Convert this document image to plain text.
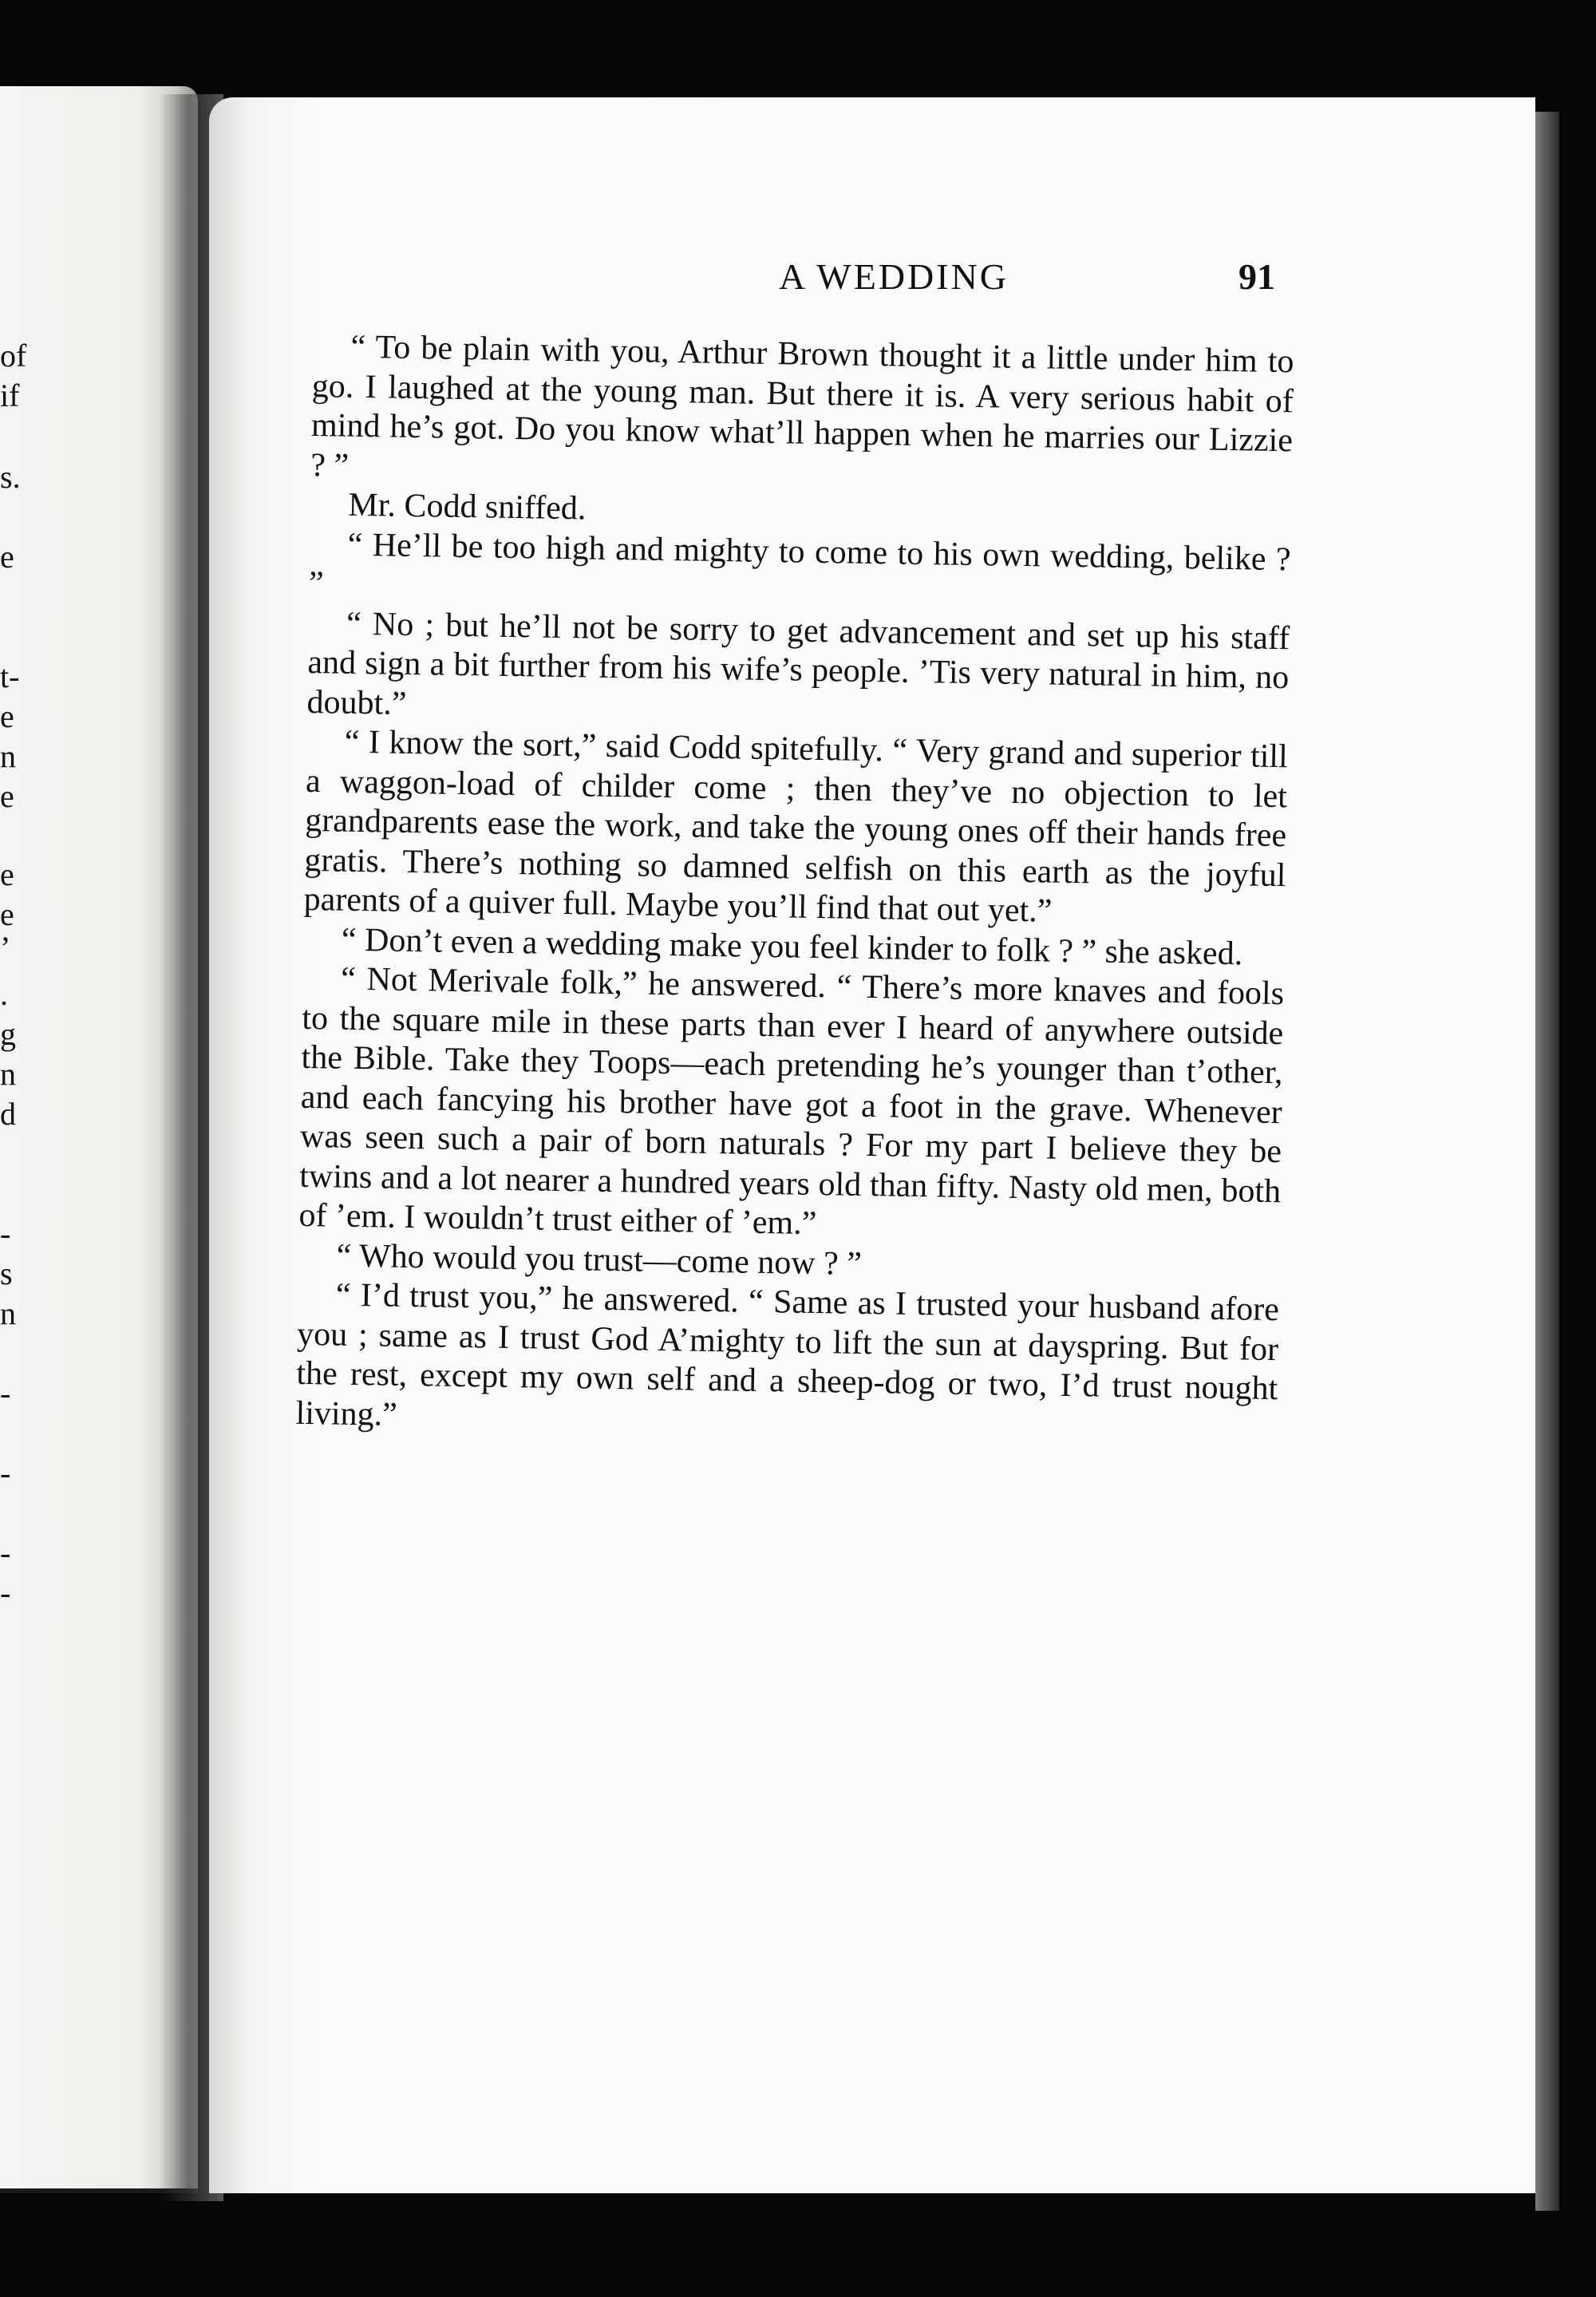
of
if
s.
e
t-
e
n
e
e
e
’
.
g
n
d
-
s
n
-
-
-
-
A WEDDING	91

“ To be plain with you, Arthur Brown thought it a little under him to go. I laughed at the young man. But there it is. A very serious habit of mind he’s got. Do you know what’ll happen when he marries our Lizzie ? ”

Mr. Codd sniffed.

“ He’ll be too high and mighty to come to his own wedding, belike ? ”

“ No ; but he’ll not be sorry to get advancement and set up his staff and sign a bit further from his wife’s people. ’Tis very natural in him, no doubt.”

“ I know the sort,” said Codd spitefully. “ Very grand and superior till a waggon-load of childer come ; then they’ve no objection to let grandparents ease the work, and take the young ones off their hands free gratis. There’s nothing so damned selfish on this earth as the joyful parents of a quiver full. Maybe you’ll find that out yet.”

“ Don’t even a wedding make you feel kinder to folk ? ” she asked.

“ Not Merivale folk,” he answered. “ There’s more knaves and fools to the square mile in these parts than ever I heard of anywhere outside the Bible. Take they Toops—each pretending he’s younger than t’other, and each fancying his brother have got a foot in the grave. Whenever was seen such a pair of born naturals ? For my part I believe they be twins and a lot nearer a hundred years old than fifty. Nasty old men, both of ’em. I wouldn’t trust either of ’em.”

“ Who would you trust—come now ? ”

“ I’d trust you,” he answered. “ Same as I trusted your husband afore you ; same as I trust God A’mighty to lift the sun at dayspring. But for the rest, except my own self and a sheep-dog or two, I’d trust nought living.”
